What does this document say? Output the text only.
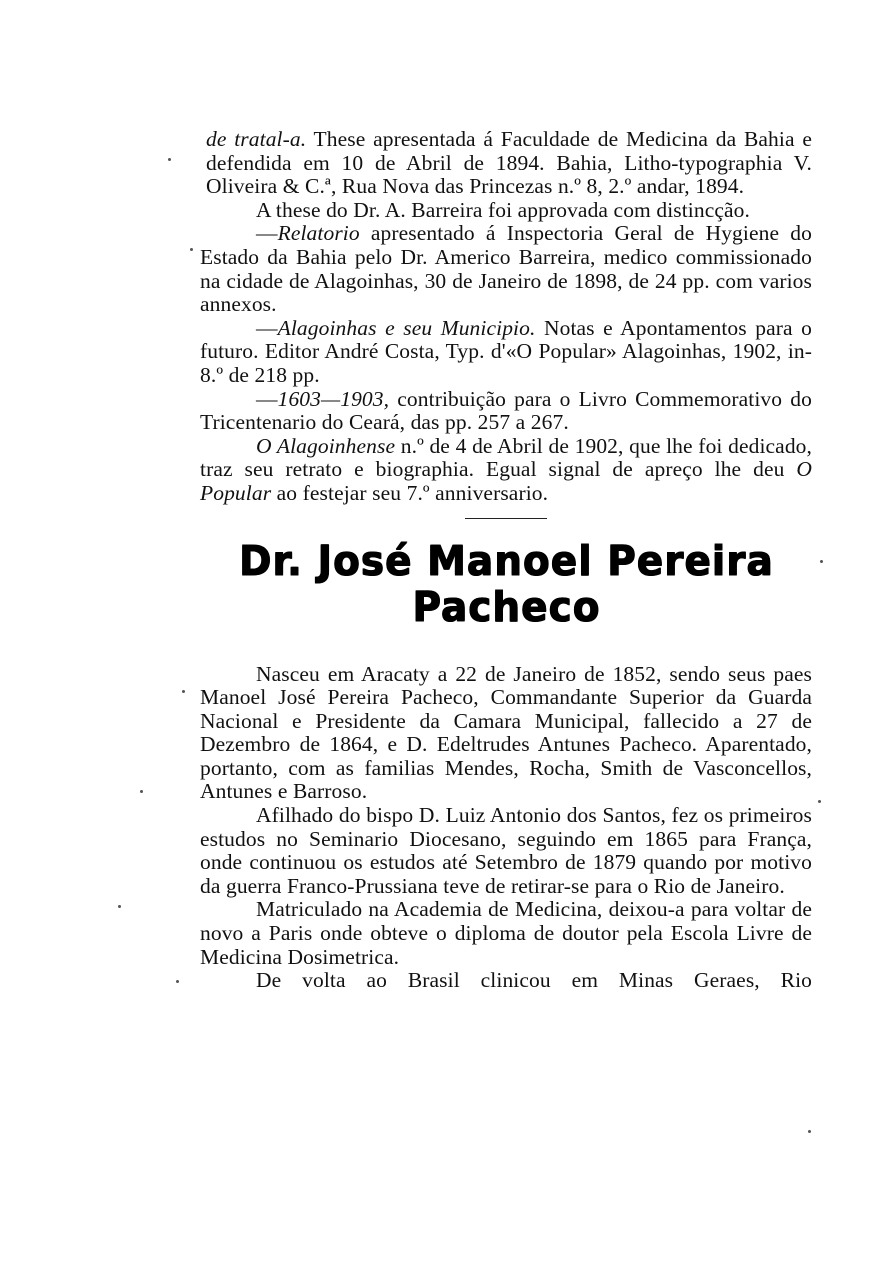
de tratal-a. These apresentada á Faculdade de Medicina da Bahia e defendida em 10 de Abril de 1894. Bahia, Litho-typographia V. Oliveira & C.ª, Rua Nova das Princezas n.º 8, 2.º andar, 1894.

A these do Dr. A. Barreira foi approvada com distincção.

—Relatorio apresentado á Inspectoria Geral de Hygiene do Estado da Bahia pelo Dr. Americo Barreira, medico commissionado na cidade de Alagoinhas, 30 de Janeiro de 1898, de 24 pp. com varios annexos.

—Alagoinhas e seu Municipio. Notas e Apontamentos para o futuro. Editor André Costa, Typ. d'«O Popular» Alagoinhas, 1902, in-8.º de 218 pp.

—1603—1903, contribuição para o Livro Commemorativo do Tricentenario do Ceará, das pp. 257 a 267.

O Alagoinhense n.º de 4 de Abril de 1902, que lhe foi dedicado, traz seu retrato e biographia. Egual signal de apreço lhe deu O Popular ao festejar seu 7.º anniversario.

Dr. José Manoel Pereira Pacheco

Nasceu em Aracaty a 22 de Janeiro de 1852, sendo seus paes Manoel José Pereira Pacheco, Commandante Superior da Guarda Nacional e Presidente da Camara Municipal, fallecido a 27 de Dezembro de 1864, e D. Edeltrudes Antunes Pacheco. Aparentado, portanto, com as familias Mendes, Rocha, Smith de Vasconcellos, Antunes e Barroso.

Afilhado do bispo D. Luiz Antonio dos Santos, fez os primeiros estudos no Seminario Diocesano, seguindo em 1865 para França, onde continuou os estudos até Setembro de 1879 quando por motivo da guerra Franco-Prussiana teve de retirar-se para o Rio de Janeiro.

Matriculado na Academia de Medicina, deixou-a para voltar de novo a Paris onde obteve o diploma de doutor pela Escola Livre de Medicina Dosimetrica.

De volta ao Brasil clinicou em Minas Geraes, Rio
